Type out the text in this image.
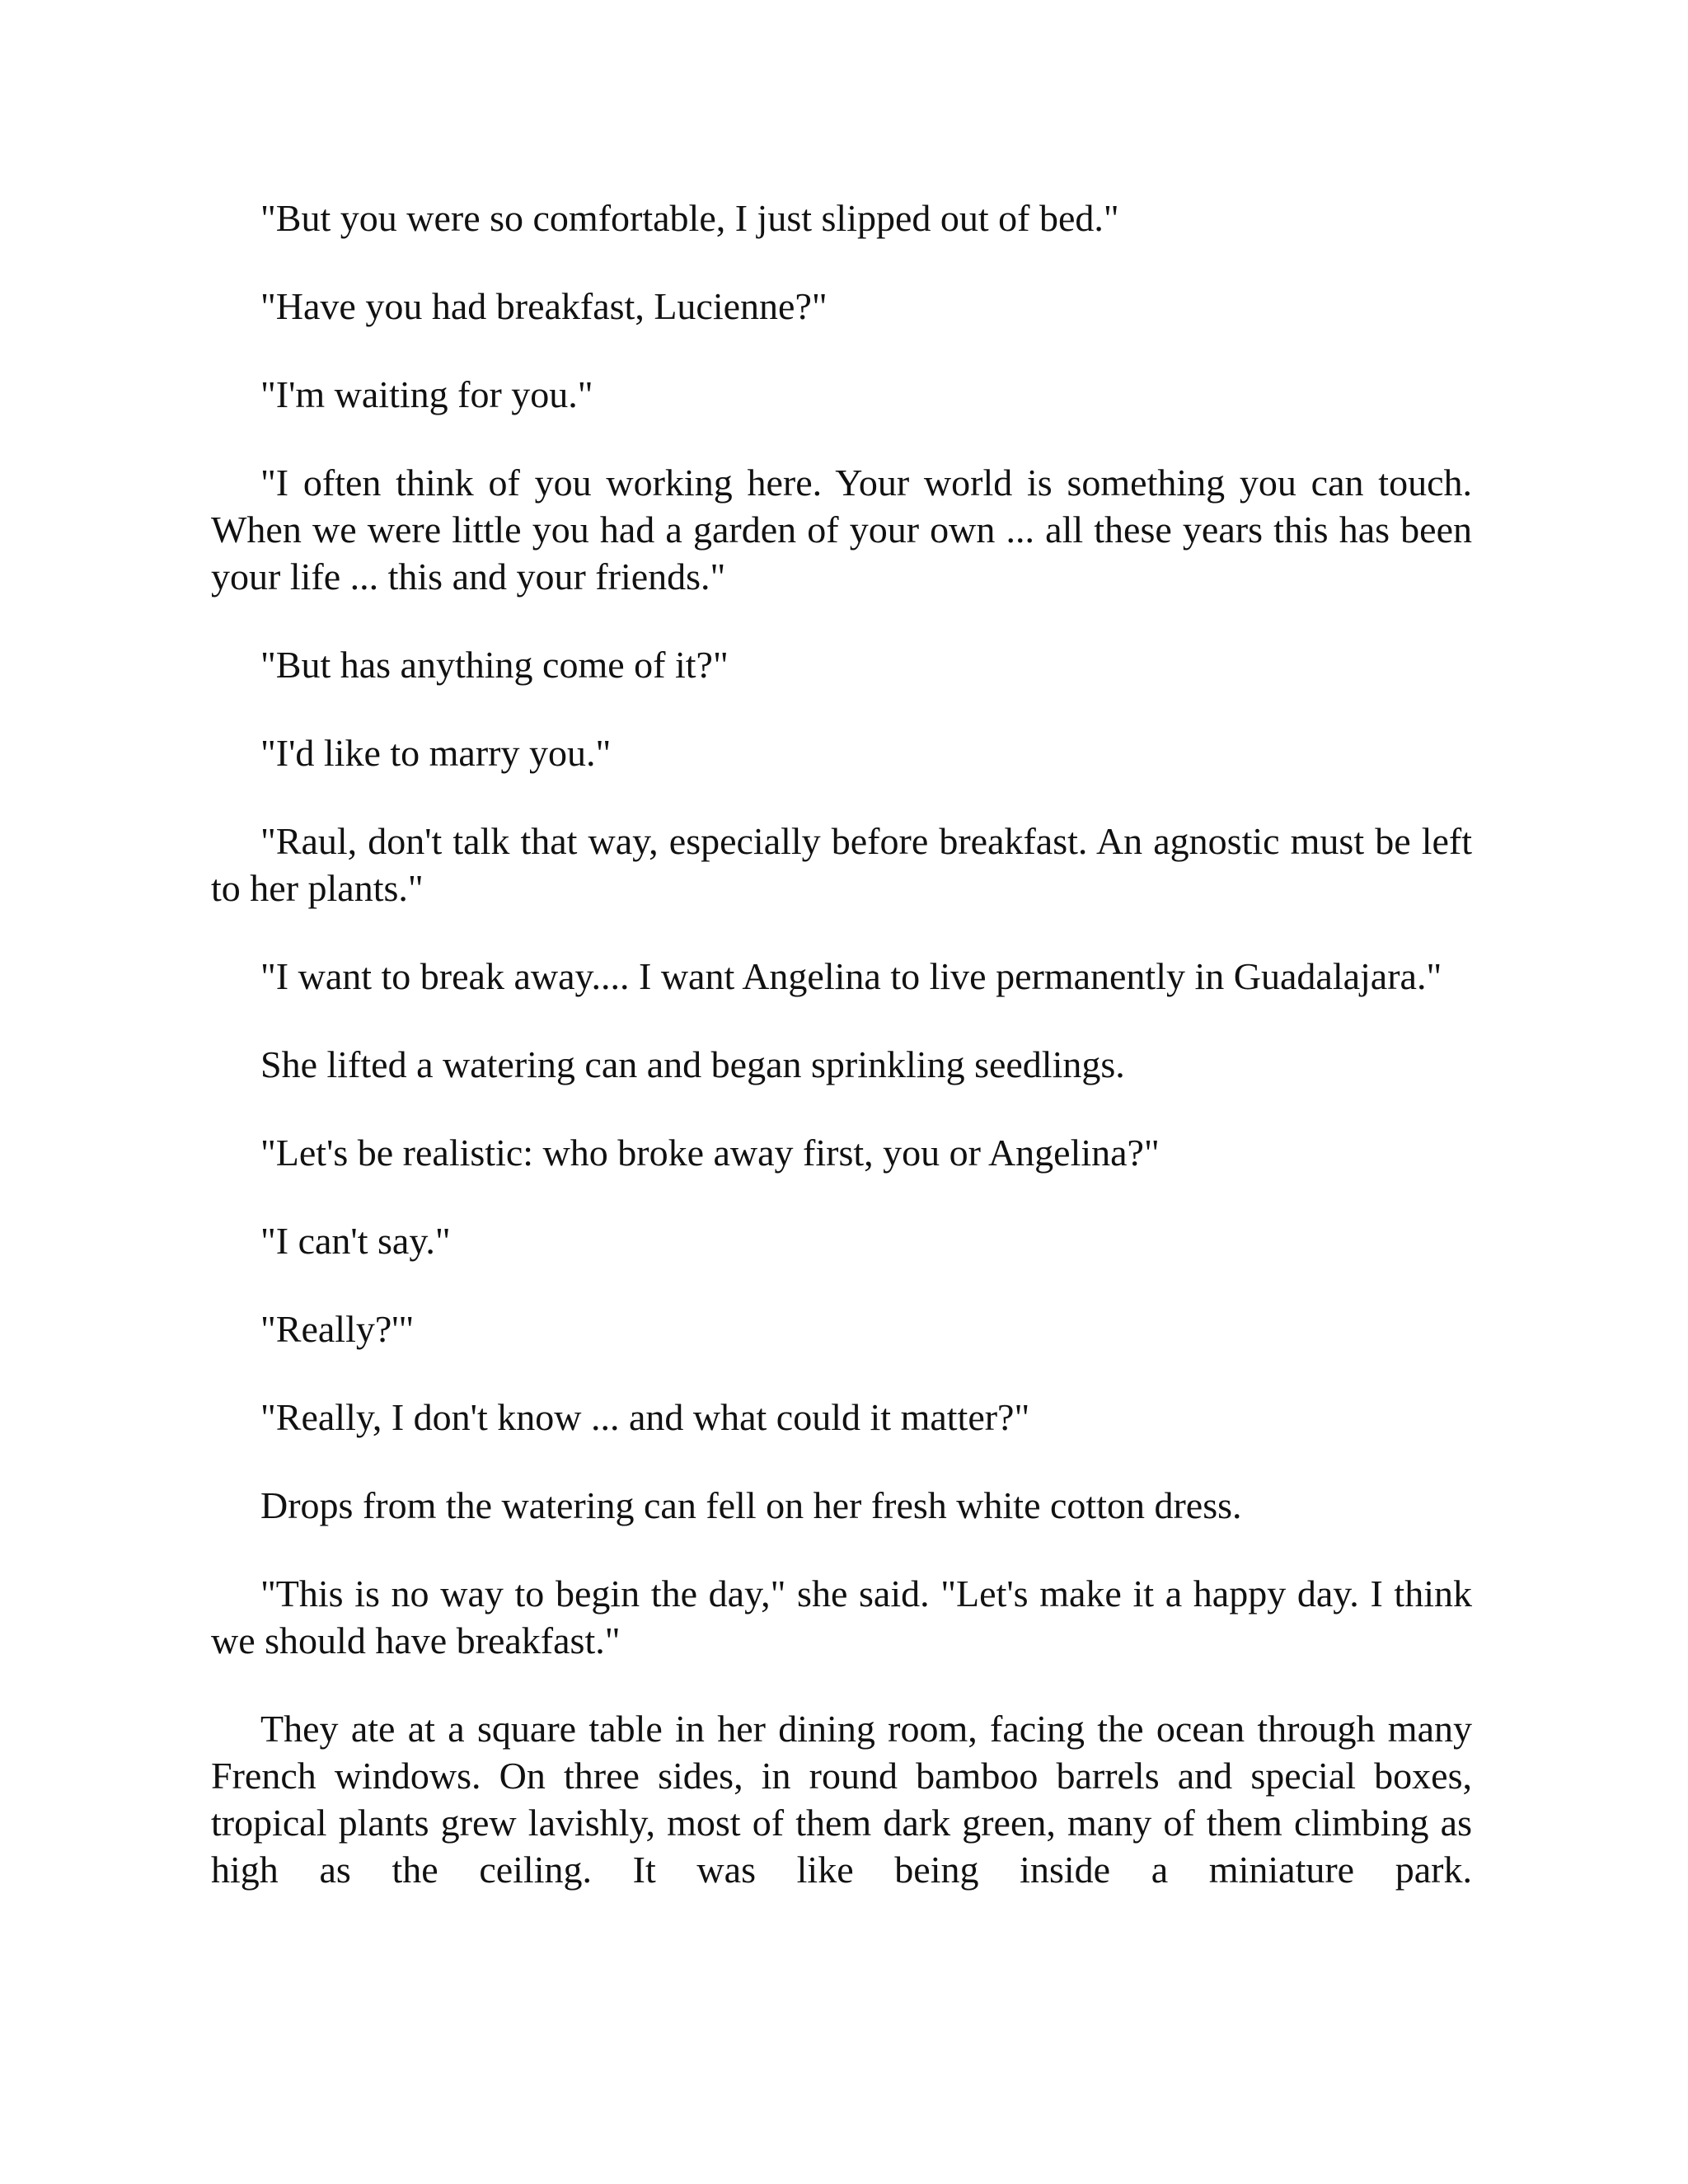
"But you were so comfortable, I just slipped out of bed."

"Have you had breakfast, Lucienne?"

"I'm waiting for you."

"I often think of you working here. Your world is something you can touch. When we were little you had a garden of your own ... all these years this has been your life ... this and your friends."

"But has anything come of it?"

"I'd like to marry you."

"Raul, don't talk that way, especially before breakfast. An agnostic must be left to her plants."

"I want to break away.... I want Angelina to live permanently in Guadalajara."

She lifted a watering can and began sprinkling seedlings.

"Let's be realistic: who broke away first, you or Angelina?"

"I can't say."

"Really?'"

"Really, I don't know ... and what could it matter?"

Drops from the watering can fell on her fresh white cotton dress.

"This is no way to begin the day," she said. "Let's make it a happy day. I think we should have breakfast."

They ate at a square table in her dining room, facing the ocean through many French windows. On three sides, in round bamboo barrels and special boxes, tropical plants grew lavishly, most of them dark green, many of them climbing as high as the ceiling. It was like being inside a miniature park.
